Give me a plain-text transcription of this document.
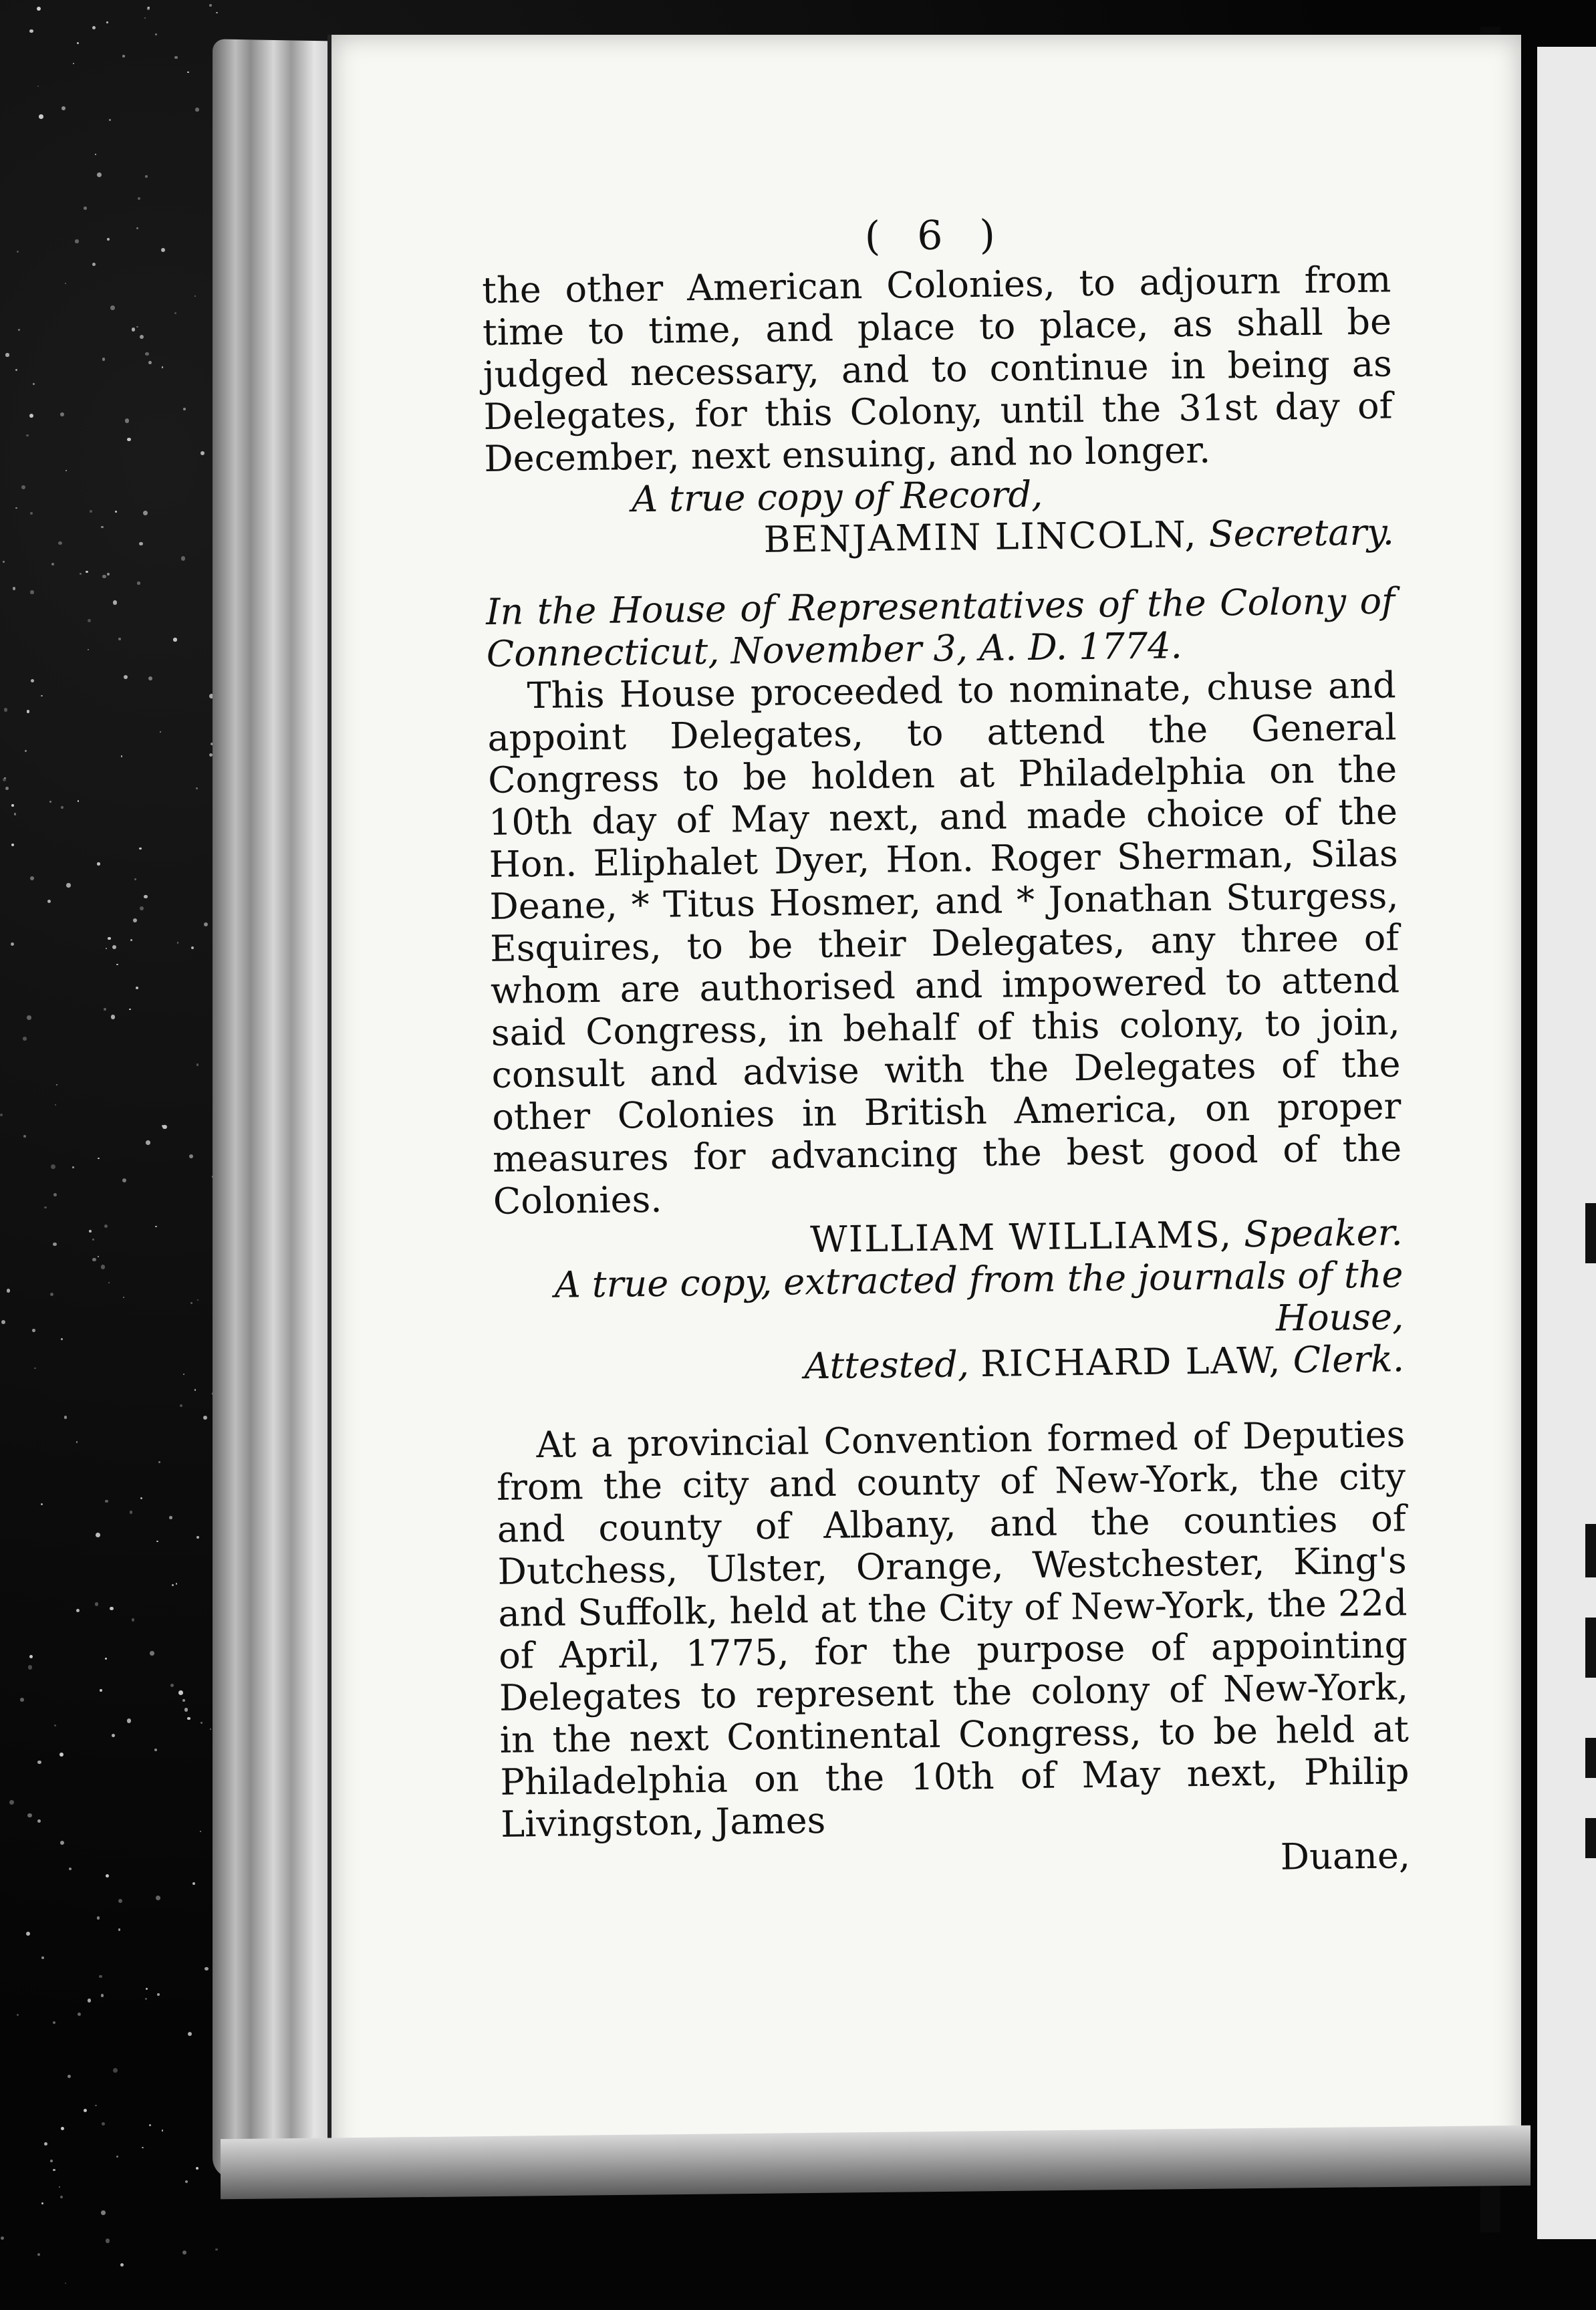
( 6 )

the other American Colonies, to adjourn from time to time, and place to place, as shall be judged necessary, and to continue in being as Delegates, for this Colony, until the 31st day of December, next ensuing, and no longer.

A true copy of Record,

BENJAMIN LINCOLN, Secretary.

In the House of Representatives of the Colony of Connecticut, November 3, A. D. 1774.

This House proceeded to nominate, chuse and appoint Delegates, to attend the General Congress to be holden at Philadelphia on the 10th day of May next, and made choice of the Hon. Eliphalet Dyer, Hon. Roger Sherman, Silas Deane, * Titus Hosmer, and * Jonathan Sturgess, Esquires, to be their Delegates, any three of whom are authorised and impowered to attend said Congress, in behalf of this colony, to join, consult and advise with the Delegates of the other Colonies in British America, on proper measures for advancing the best good of the Colonies.

WILLIAM WILLIAMS, Speaker.

A true copy, extracted from the journals of the House,

Attested, RICHARD LAW, Clerk.

At a provincial Convention formed of Deputies from the city and county of New-York, the city and county of Albany, and the counties of Dutchess, Ulster, Orange, Westchester, King's and Suffolk, held at the City of New-York, the 22d of April, 1775, for the purpose of appointing Delegates to represent the colony of New-York, in the next Continental Congress, to be held at Philadelphia on the 10th of May next, Philip Livingston, James

Duane,
